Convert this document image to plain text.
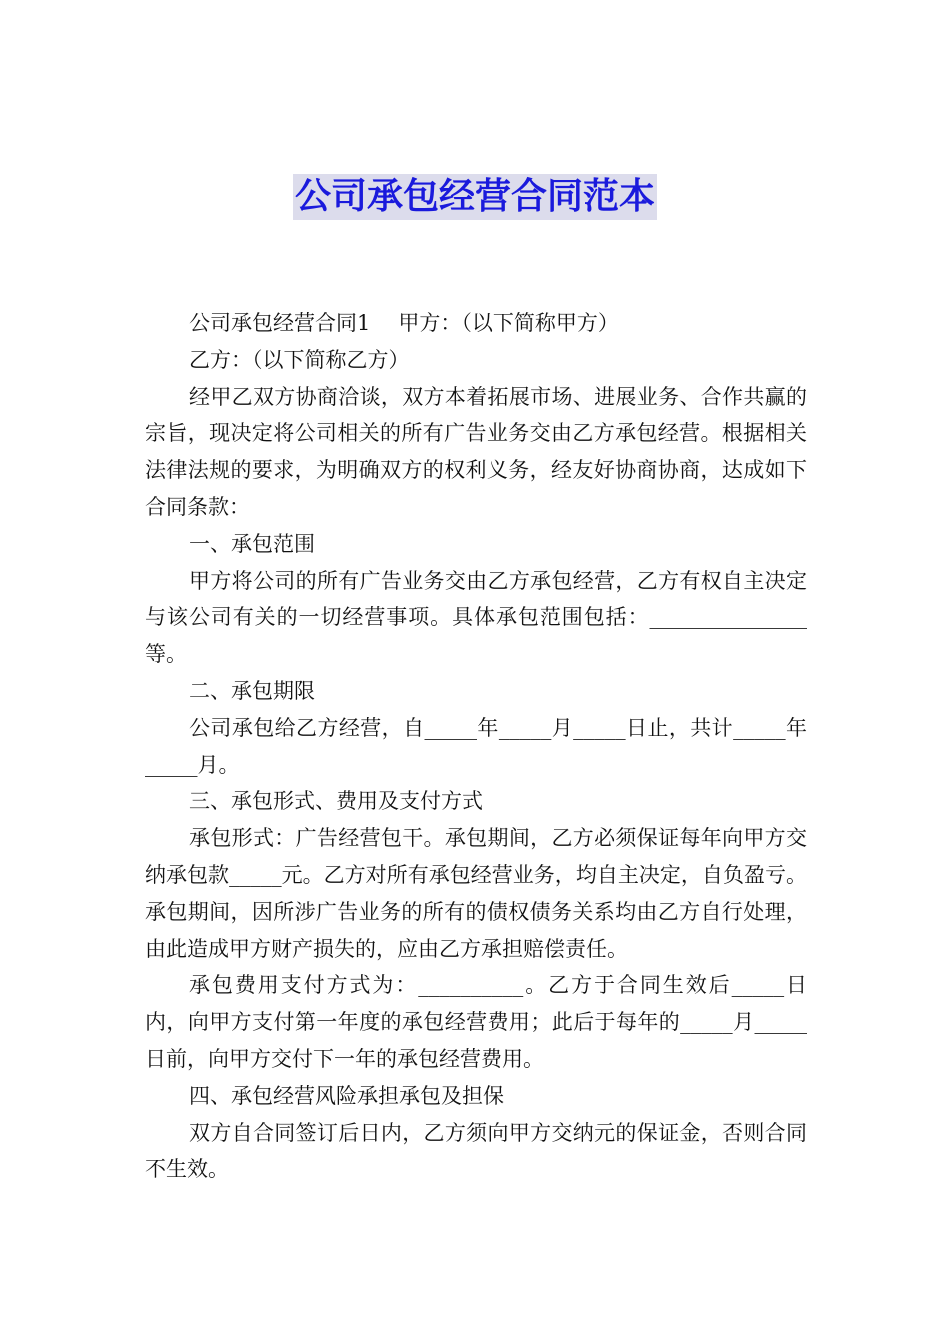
公司承包经营合同范本

公司承包经营合同1 甲方：（以下简称甲方）

乙方：（以下简称乙方）

经甲乙双方协商洽谈，双方本着拓展市场、进展业务、合作共赢的宗旨，现决定将公司相关的所有广告业务交由乙方承包经营。根据相关法律法规的要求，为明确双方的权利义务，经友好协商协商，达成如下合同条款：

一、承包范围

甲方将公司的所有广告业务交由乙方承包经营，乙方有权自主决定与该公司有关的一切经营事项。具体承包范围包括：_______________等。

二、承包期限

公司承包给乙方经营，自_____年_____月_____日止，共计_____年_____月。

三、承包形式、费用及支付方式

承包形式：广告经营包干。承包期间，乙方必须保证每年向甲方交纳承包款_____元。乙方对所有承包经营业务，均自主决定，自负盈亏。承包期间，因所涉广告业务的所有的债权债务关系均由乙方自行处理，由此造成甲方财产损失的，应由乙方承担赔偿责任。

承包费用支付方式为：__________。乙方于合同生效后_____日内，向甲方支付第一年度的承包经营费用；此后于每年的_____月_____日前，向甲方交付下一年的承包经营费用。

四、承包经营风险承担承包及担保

双方自合同签订后日内，乙方须向甲方交纳元的保证金，否则合同不生效。
